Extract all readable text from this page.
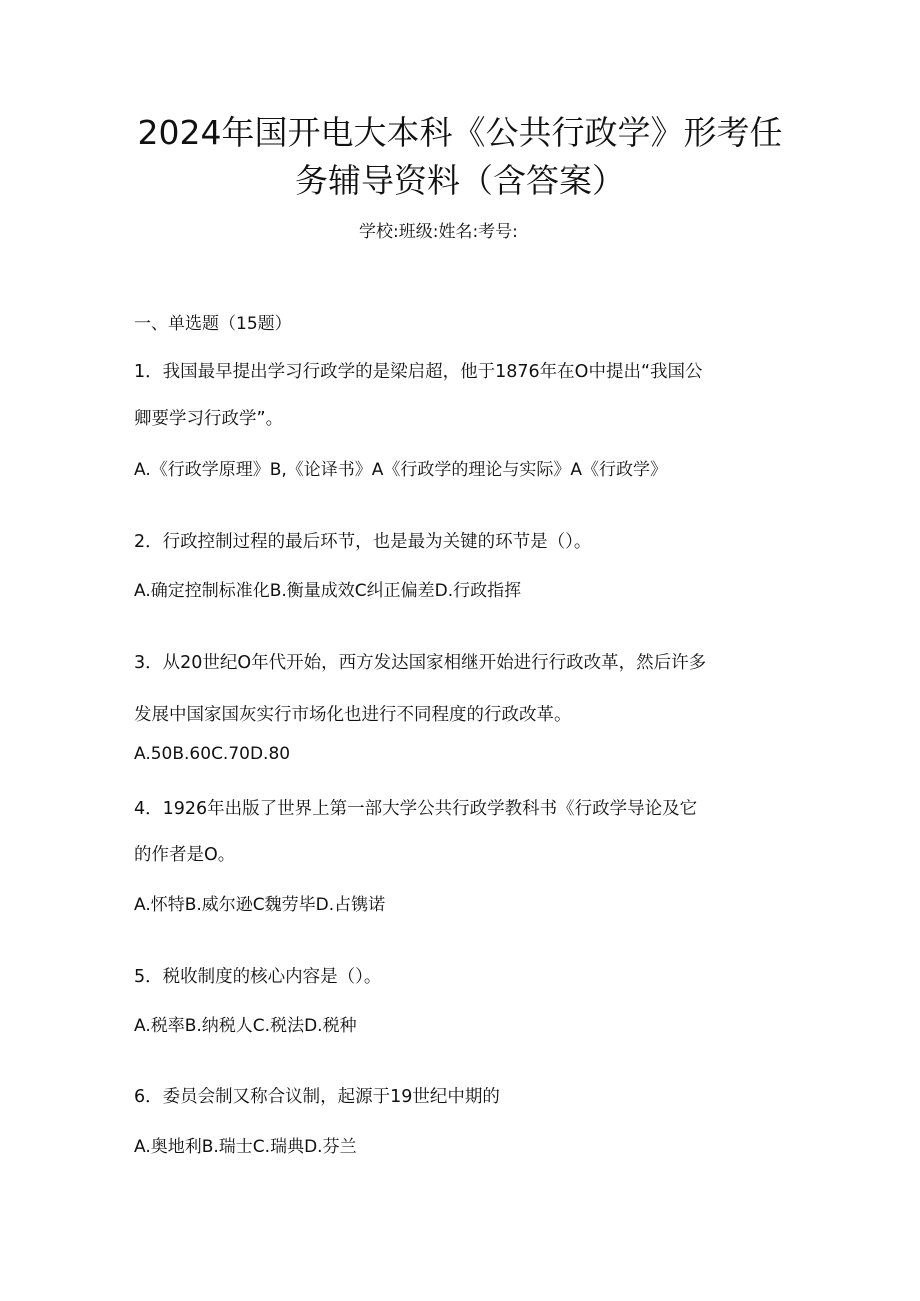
2024年国开电大本科《公共行政学》形考任
务辅导资料（含答案）
学校:班级:姓名:考号:
一、单选题（15题）
1．我国最早提出学习行政学的是梁启超，他于1876年在O中提出“我国公
卿要学习行政学”。
A.《行政学原理》B,《论译书》A《行政学的理论与实际》A《行政学》
2．行政控制过程的最后环节，也是最为关键的环节是（）。
A.确定控制标准化B.衡量成效C纠正偏差D.行政指挥
3．从20世纪O年代开始，西方发达国家相继开始进行行政改革，然后许多
发展中国家国灰实行市场化也进行不同程度的行政改革。
A.50B.60C.70D.80
4．1926年出版了世界上第一部大学公共行政学教科书《行政学导论及它
的作者是O。
A.怀特B.威尔逊C魏劳毕D.占镌诺
5．税收制度的核心内容是（）。
A.税率B.纳税人C.税法D.税种
6．委员会制又称合议制，起源于19世纪中期的
A.奥地利B.瑞士C.瑞典D.芬兰
